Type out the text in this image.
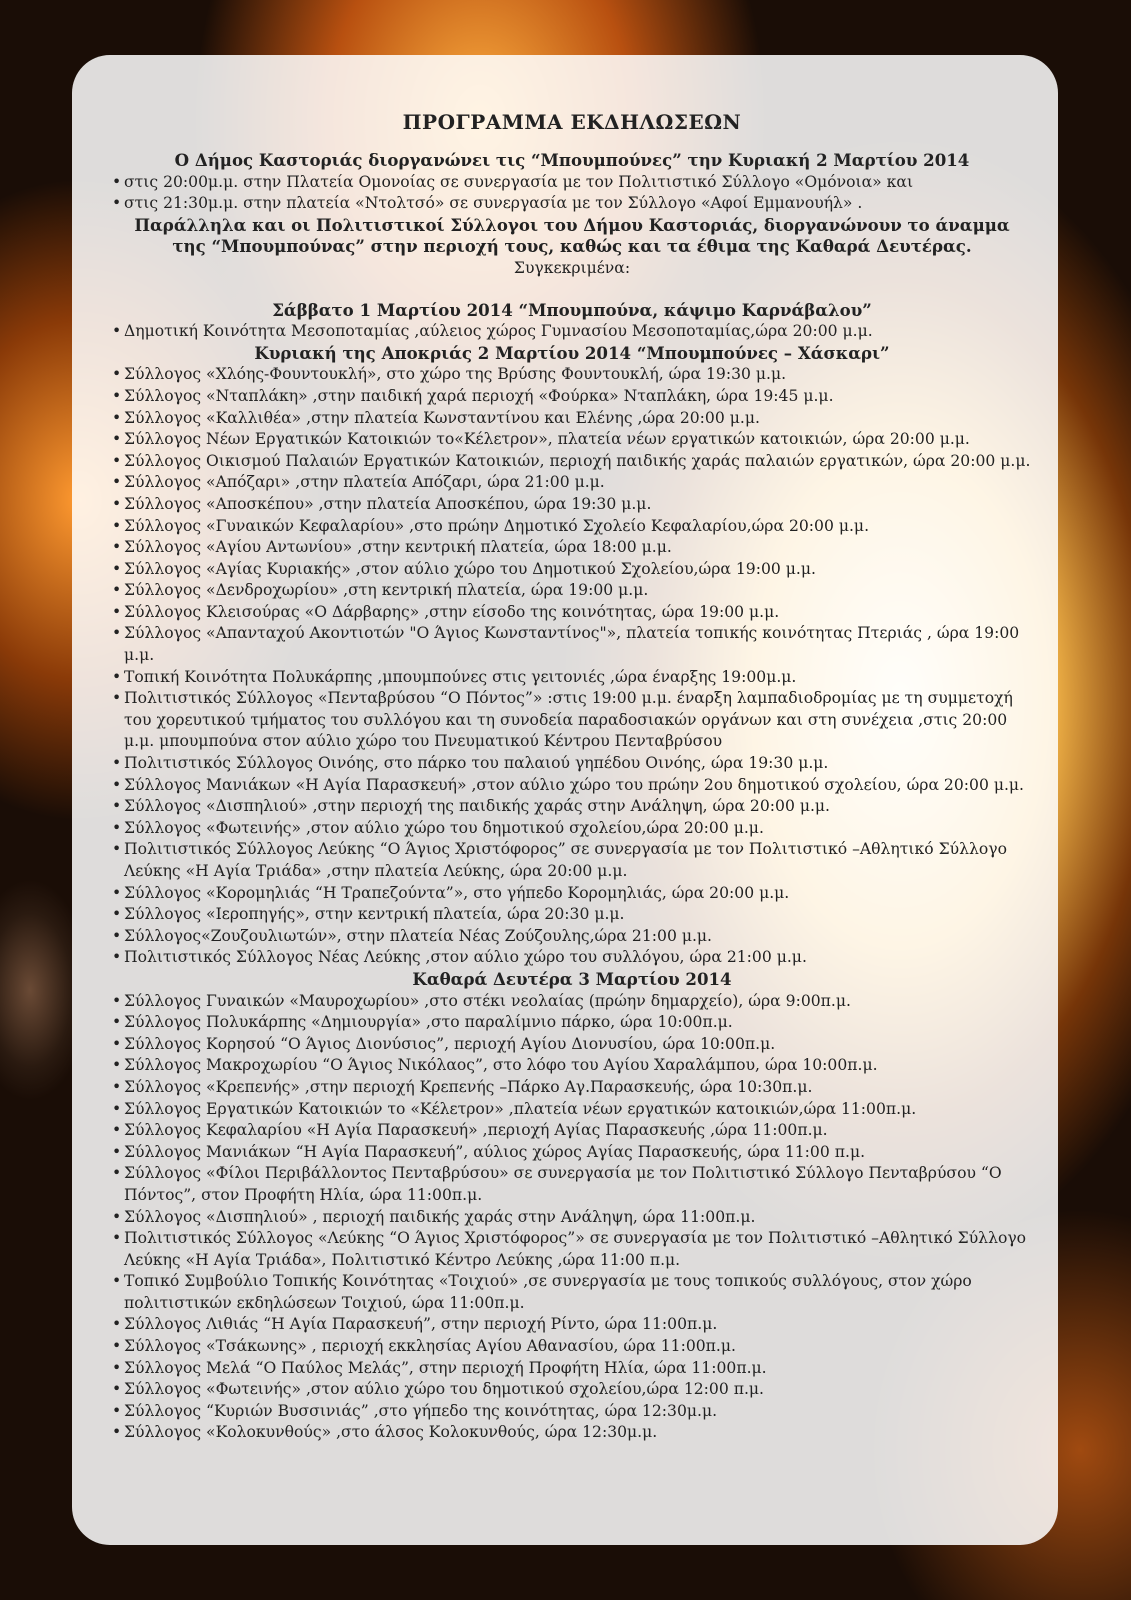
ΠΡΟΓΡΑΜΜΑ ΕΚΔΗΛΩΣΕΩΝ
Ο Δήμος Καστοριάς διοργανώνει τις “Μπουμπούνες” την Κυριακή 2 Μαρτίου 2014
• στις 20:00μ.μ. στην Πλατεία Ομονοίας σε συνεργασία με τον Πολιτιστικό Σύλλογο «Ομόνοια» και
• στις 21:30μ.μ. στην πλατεία «Ντολτσό» σε συνεργασία με τον Σύλλογο «Αφοί Εμμανουήλ» .
Παράλληλα και οι Πολιτιστικοί Σύλλογοι του Δήμου Καστοριάς, διοργανώνουν το άναμμα
της “Μπουμπούνας” στην περιοχή τους, καθώς και τα έθιμα της Καθαρά Δευτέρας.
Συγκεκριμένα:
Σάββατο 1 Μαρτίου 2014 “Μπουμπούνα, κάψιμο Καρνάβαλου”
• Δημοτική Κοινότητα Μεσοποταμίας ,αύλειος χώρος Γυμνασίου Μεσοποταμίας,ώρα 20:00 μ.μ.
Κυριακή της Αποκριάς 2 Μαρτίου 2014 “Μπουμπούνες – Χάσκαρι”
• Σύλλογος «Χλόης-Φουντουκλή», στο χώρο της Βρύσης Φουντουκλή, ώρα 19:30 μ.μ.
• Σύλλογος «Νταπλάκη» ,στην παιδική χαρά περιοχή «Φούρκα» Νταπλάκη, ώρα 19:45 μ.μ.
• Σύλλογος «Καλλιθέα» ,στην πλατεία Κωνσταντίνου και Ελένης ,ώρα 20:00 μ.μ.
• Σύλλογος Νέων Εργατικών Κατοικιών το«Κέλετρον», πλατεία νέων εργατικών κατοικιών, ώρα 20:00 μ.μ.
• Σύλλογος Οικισμού Παλαιών Εργατικών Κατοικιών, περιοχή παιδικής χαράς παλαιών εργατικών, ώρα 20:00 μ.μ.
• Σύλλογος «Απόζαρι» ,στην πλατεία Απόζαρι, ώρα 21:00 μ.μ.
• Σύλλογος «Αποσκέπου» ,στην πλατεία Αποσκέπου, ώρα 19:30 μ.μ.
• Σύλλογος «Γυναικών Κεφαλαρίου» ,στο πρώην Δημοτικό Σχολείο Κεφαλαρίου,ώρα 20:00 μ.μ.
• Σύλλογος «Αγίου Αντωνίου» ,στην κεντρική πλατεία, ώρα 18:00 μ.μ.
• Σύλλογος «Αγίας Κυριακής» ,στον αύλιο χώρο του Δημοτικού Σχολείου,ώρα 19:00 μ.μ.
• Σύλλογος «Δενδροχωρίου» ,στη κεντρική πλατεία, ώρα 19:00 μ.μ.
• Σύλλογος Κλεισούρας «Ο Δάρβαρης» ,στην είσοδο της κοινότητας, ώρα 19:00 μ.μ.
• Σύλλογος «Απανταχού Ακοντιοτών "Ο Άγιος Κωνσταντίνος"», πλατεία τοπικής κοινότητας Πτεριάς , ώρα 19:00 μ.μ.
• Τοπική Κοινότητα Πολυκάρπης ,μπουμπούνες στις γειτονιές ,ώρα έναρξης 19:00μ.μ.
• Πολιτιστικός Σύλλογος «Πενταβρύσου “Ο Πόντος”» :στις 19:00 μ.μ. έναρξη λαμπαδιοδρομίας με τη συμμετοχή του χορευτικού τμήματος του συλλόγου και τη συνοδεία παραδοσιακών οργάνων και στη συνέχεια ,στις 20:00 μ.μ. μπουμπούνα στον αύλιο χώρο του Πνευματικού Κέντρου Πενταβρύσου
• Πολιτιστικός Σύλλογος Οινόης, στο πάρκο του παλαιού γηπέδου Οινόης, ώρα 19:30 μ.μ.
• Σύλλογος Μανιάκων «Η Αγία Παρασκευή» ,στον αύλιο χώρο του πρώην 2ου δημοτικού σχολείου, ώρα 20:00 μ.μ.
• Σύλλογος «Δισπηλιού» ,στην περιοχή της παιδικής χαράς στην Ανάληψη, ώρα 20:00 μ.μ.
• Σύλλογος «Φωτεινής» ,στον αύλιο χώρο του δημοτικού σχολείου,ώρα 20:00 μ.μ.
• Πολιτιστικός Σύλλογος Λεύκης “Ο Άγιος Χριστόφορος” σε συνεργασία με τον Πολιτιστικό –Αθλητικό Σύλλογο Λεύκης «Η Αγία Τριάδα» ,στην πλατεία Λεύκης, ώρα 20:00 μ.μ.
• Σύλλογος «Κορομηλιάς “Η Τραπεζούντα”», στο γήπεδο Κορομηλιάς, ώρα 20:00 μ.μ.
• Σύλλογος «Ιεροπηγής», στην κεντρική πλατεία, ώρα 20:30 μ.μ.
• Σύλλογος«Ζουζουλιωτών», στην πλατεία Νέας Ζούζουλης,ώρα 21:00 μ.μ.
• Πολιτιστικός Σύλλογος Νέας Λεύκης ,στον αύλιο χώρο του συλλόγου, ώρα 21:00 μ.μ.
Καθαρά Δευτέρα 3 Μαρτίου 2014
• Σύλλογος Γυναικών «Μαυροχωρίου» ,στο στέκι νεολαίας (πρώην δημαρχείο), ώρα 9:00π.μ.
• Σύλλογος Πολυκάρπης «Δημιουργία» ,στο παραλίμνιο πάρκο, ώρα 10:00π.μ.
• Σύλλογος Κορησού “Ο Άγιος Διονύσιος”, περιοχή Αγίου Διονυσίου, ώρα 10:00π.μ.
• Σύλλογος Μακροχωρίου “Ο Άγιος Νικόλαος”, στο λόφο του Αγίου Χαραλάμπου, ώρα 10:00π.μ.
• Σύλλογος «Κρεπενής» ,στην περιοχή Κρεπενής –Πάρκο Αγ.Παρασκευής, ώρα 10:30π.μ.
• Σύλλογος Εργατικών Κατοικιών το «Κέλετρον» ,πλατεία νέων εργατικών κατοικιών,ώρα 11:00π.μ.
• Σύλλογος Κεφαλαρίου «Η Αγία Παρασκευή» ,περιοχή Αγίας Παρασκευής ,ώρα 11:00π.μ.
• Σύλλογος Μανιάκων “Η Αγία Παρασκευή”, αύλιος χώρος Αγίας Παρασκευής, ώρα 11:00 π.μ.
• Σύλλογος «Φίλοι Περιβάλλοντος Πενταβρύσου» σε συνεργασία με τον Πολιτιστικό Σύλλογο Πενταβρύσου “Ο Πόντος”, στον Προφήτη Ηλία, ώρα 11:00π.μ.
• Σύλλογος «Δισπηλιού» , περιοχή παιδικής χαράς στην Ανάληψη, ώρα 11:00π.μ.
• Πολιτιστικός Σύλλογος «Λεύκης “Ο Άγιος Χριστόφορος”» σε συνεργασία με τον Πολιτιστικό –Αθλητικό Σύλλογο Λεύκης «Η Αγία Τριάδα», Πολιτιστικό Κέντρο Λεύκης ,ώρα 11:00 π.μ.
• Τοπικό Συμβούλιο Τοπικής Κοινότητας «Τοιχιού» ,σε συνεργασία με τους τοπικούς συλλόγους, στον χώρο πολιτιστικών εκδηλώσεων Τοιχιού, ώρα 11:00π.μ.
• Σύλλογος Λιθιάς “Η Αγία Παρασκευή”, στην περιοχή Ρίντο, ώρα 11:00π.μ.
• Σύλλογος «Τσάκωνης» , περιοχή εκκλησίας Αγίου Αθανασίου, ώρα 11:00π.μ.
• Σύλλογος Μελά “Ο Παύλος Μελάς”, στην περιοχή Προφήτη Ηλία, ώρα 11:00π.μ.
• Σύλλογος «Φωτεινής» ,στον αύλιο χώρο του δημοτικού σχολείου,ώρα 12:00 π.μ.
• Σύλλογος “Κυριών Βυσσινιάς” ,στο γήπεδο της κοινότητας, ώρα 12:30μ.μ.
• Σύλλογος «Κολοκυνθούς» ,στο άλσος Κολοκυνθούς, ώρα 12:30μ.μ.
